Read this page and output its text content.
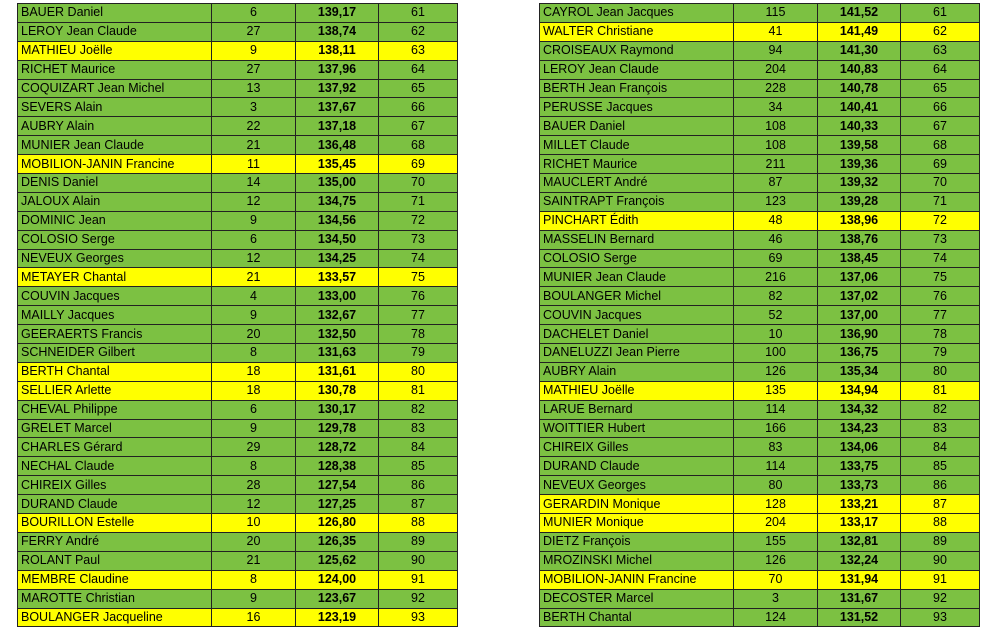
BAUER Daniel	6	139,17	61
LEROY Jean Claude	27	138,74	62
MATHIEU Joëlle	9	138,11	63
RICHET Maurice	27	137,96	64
COQUIZART Jean Michel	13	137,92	65
SEVERS Alain	3	137,67	66
AUBRY Alain	22	137,18	67
MUNIER Jean Claude	21	136,48	68
MOBILION-JANIN Francine	11	135,45	69
DENIS Daniel	14	135,00	70
JALOUX Alain	12	134,75	71
DOMINIC Jean	9	134,56	72
COLOSIO Serge	6	134,50	73
NEVEUX Georges	12	134,25	74
METAYER Chantal	21	133,57	75
COUVIN Jacques	4	133,00	76
MAILLY Jacques	9	132,67	77
GEERAERTS Francis	20	132,50	78
SCHNEIDER Gilbert	8	131,63	79
BERTH Chantal	18	131,61	80
SELLIER Arlette	18	130,78	81
CHEVAL Philippe	6	130,17	82
GRELET Marcel	9	129,78	83
CHARLES Gérard	29	128,72	84
NECHAL Claude	8	128,38	85
CHIREIX Gilles	28	127,54	86
DURAND Claude	12	127,25	87
BOURILLON Estelle	10	126,80	88
FERRY André	20	126,35	89
ROLANT Paul	21	125,62	90
MEMBRE Claudine	8	124,00	91
MAROTTE Christian	9	123,67	92
BOULANGER Jacqueline	16	123,19	93
CAYROL Jean Jacques	115	141,52	61
WALTER Christiane	41	141,49	62
CROISEAUX Raymond	94	141,30	63
LEROY Jean Claude	204	140,83	64
BERTH Jean François	228	140,78	65
PERUSSE Jacques	34	140,41	66
BAUER Daniel	108	140,33	67
MILLET Claude	108	139,58	68
RICHET Maurice	211	139,36	69
MAUCLERT André	87	139,32	70
SAINTRAPT François	123	139,28	71
PINCHART Édith	48	138,96	72
MASSELIN Bernard	46	138,76	73
COLOSIO Serge	69	138,45	74
MUNIER Jean Claude	216	137,06	75
BOULANGER Michel	82	137,02	76
COUVIN Jacques	52	137,00	77
DACHELET Daniel	10	136,90	78
DANELUZZI Jean Pierre	100	136,75	79
AUBRY Alain	126	135,34	80
MATHIEU Joëlle	135	134,94	81
LARUE Bernard	114	134,32	82
WOITTIER Hubert	166	134,23	83
CHIREIX Gilles	83	134,06	84
DURAND Claude	114	133,75	85
NEVEUX Georges	80	133,73	86
GERARDIN Monique	128	133,21	87
MUNIER Monique	204	133,17	88
DIETZ François	155	132,81	89
MROZINSKI Michel	126	132,24	90
MOBILION-JANIN Francine	70	131,94	91
DECOSTER Marcel	3	131,67	92
BERTH Chantal	124	131,52	93
